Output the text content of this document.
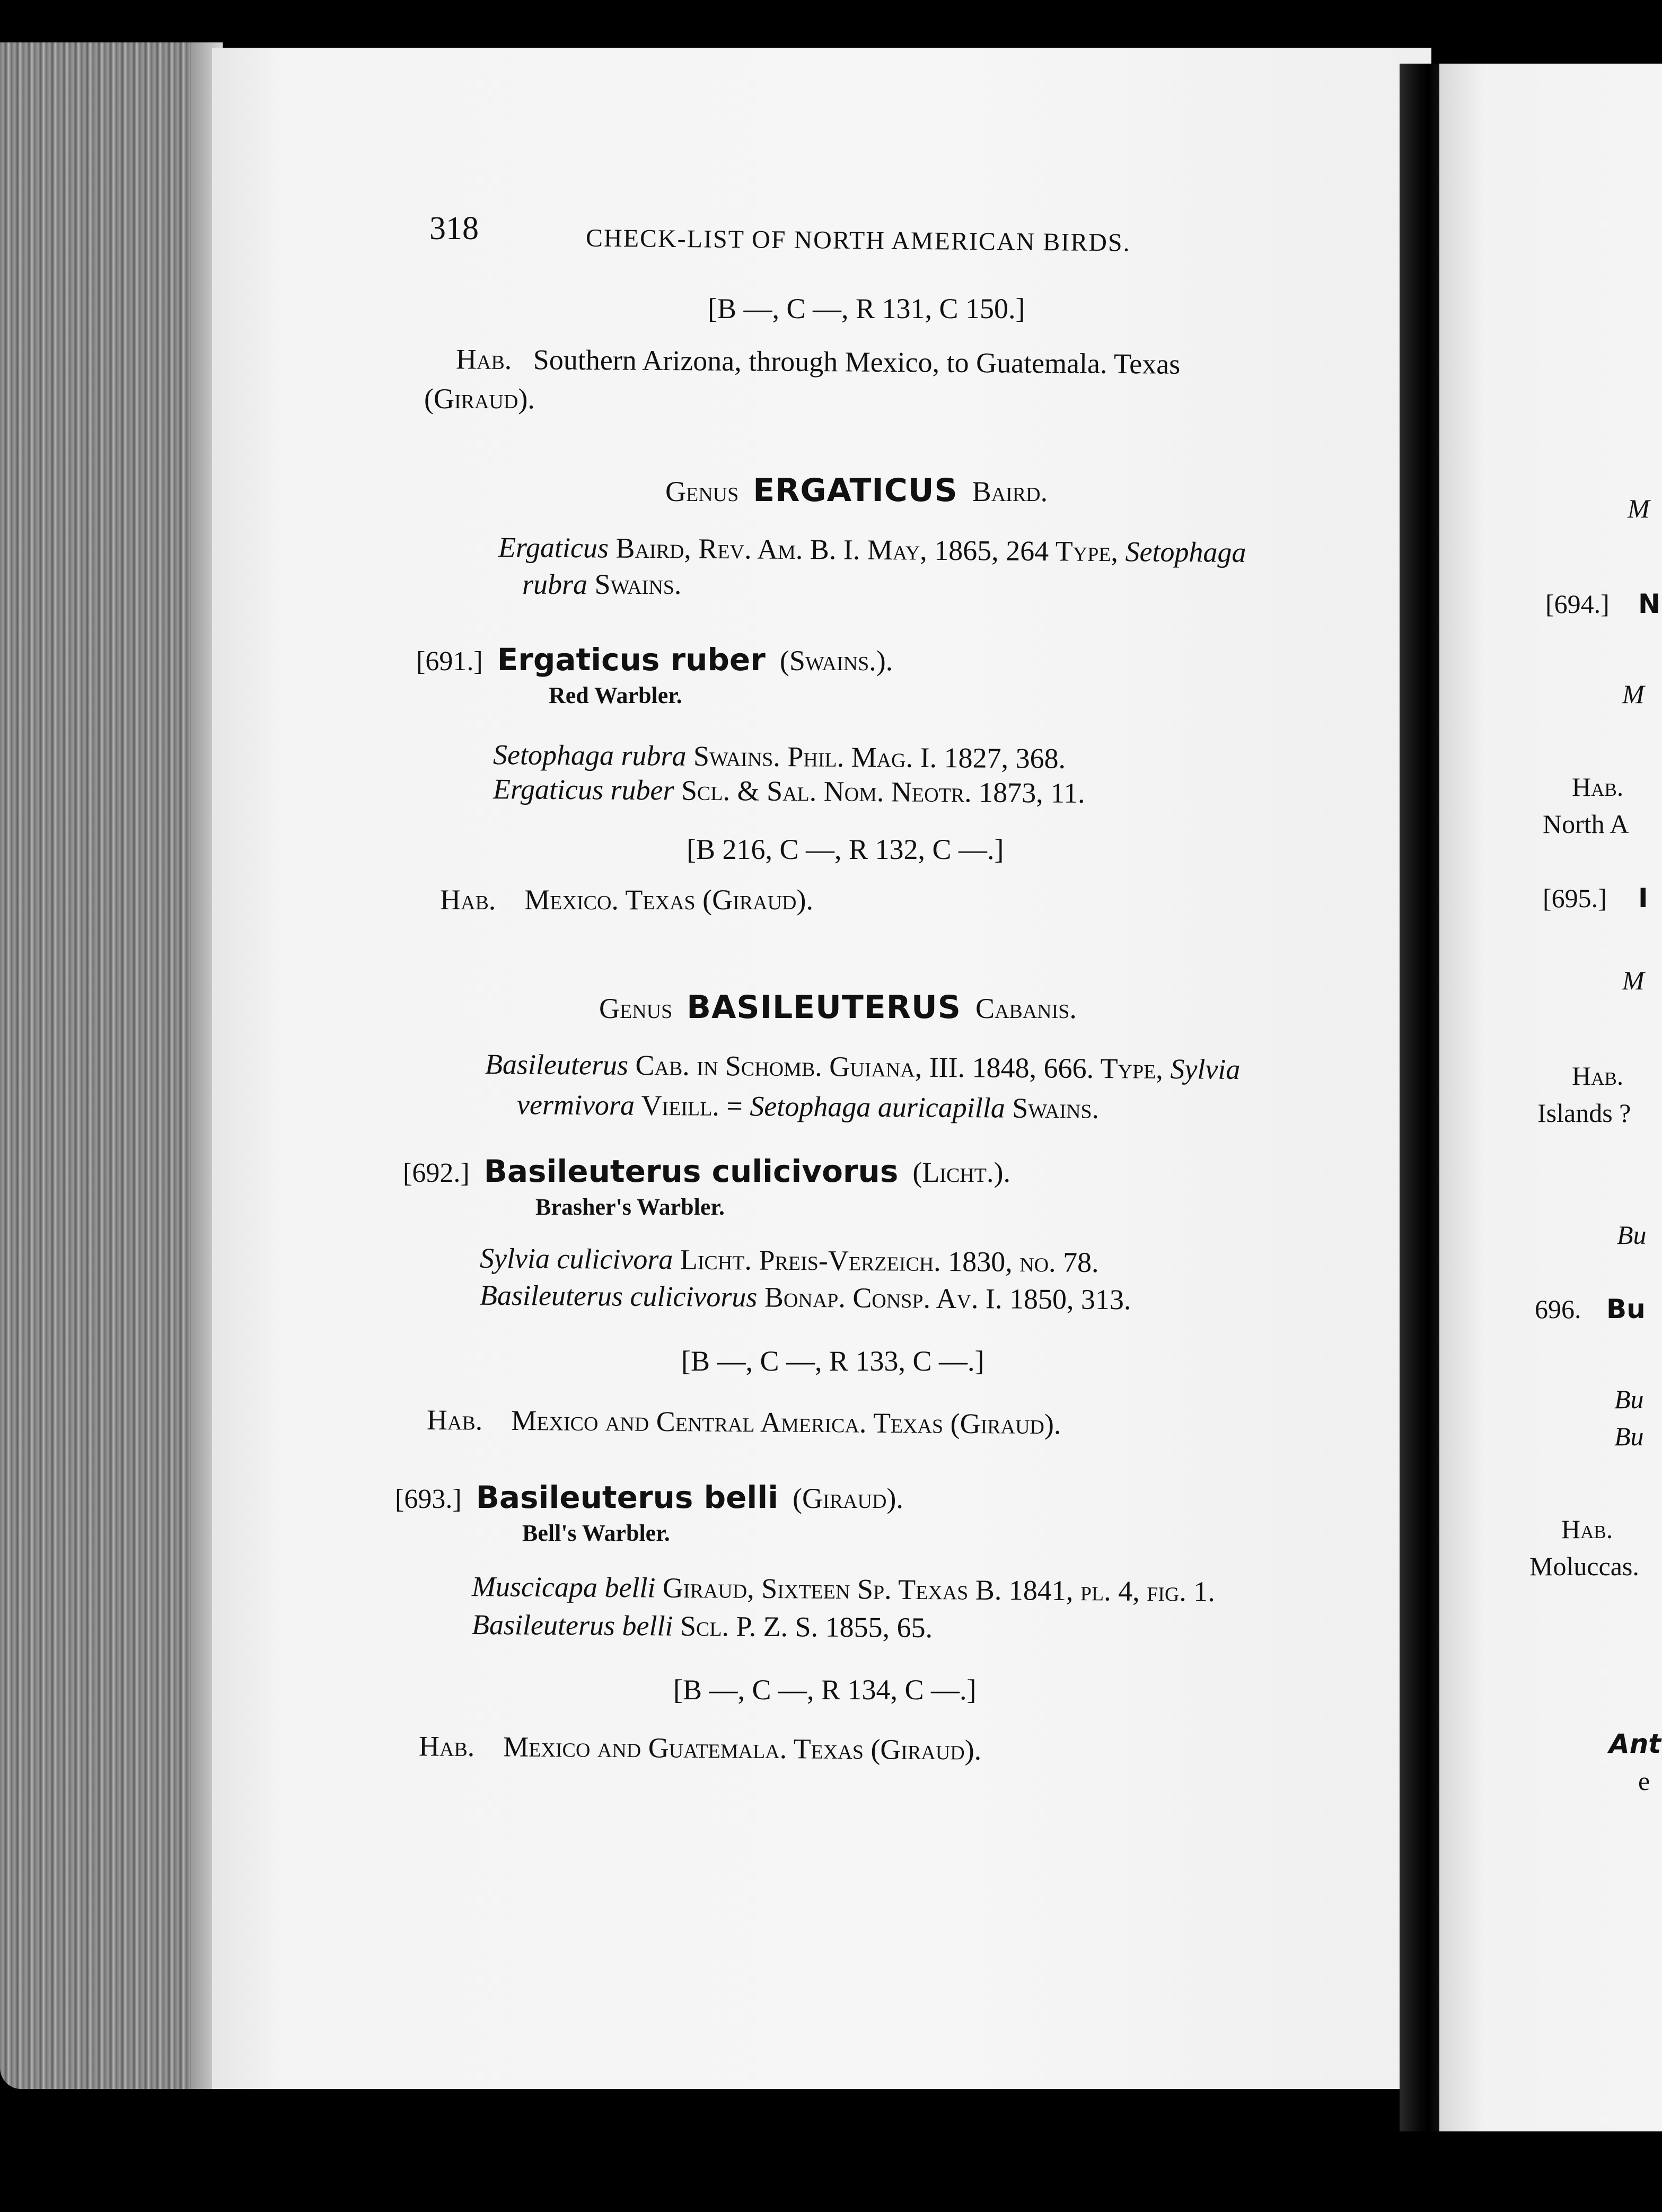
M
[694.] N
M
Hab.
North A
[695.] I
M
Hab.
Islands ?
Bu
696. Bu
Bu
Bu
Hab.
Moluccas.
Ant
e
318	CHECK-LIST OF NORTH AMERICAN BIRDS.
[B —, C —, R 131, C 150.]
Hab. Southern Arizona, through Mexico, to Guatemala. Texas
(Giraud).
Genus ERGATICUS Baird.
Ergaticus Baird, Rev. Am. B. I. May, 1865, 264 Type, Setophaga
rubra Swains.
[691.] Ergaticus ruber (Swains.).
Red Warbler.
Setophaga rubra Swains. Phil. Mag. I. 1827, 368.
Ergaticus ruber Scl. & Sal. Nom. Neotr. 1873, 11.
[B 216, C —, R 132, C —.]
Hab. Mexico. Texas (Giraud).
Genus BASILEUTERUS Cabanis.
Basileuterus Cab. in Schomb. Guiana, III. 1848, 666. Type, Sylvia
vermivora Vieill. = Setophaga auricapilla Swains.
[692.] Basileuterus culicivorus (Licht.).
Brasher's Warbler.
Sylvia culicivora Licht. Preis-Verzeich. 1830, no. 78.
Basileuterus culicivorus Bonap. Consp. Av. I. 1850, 313.
[B —, C —, R 133, C —.]
Hab. Mexico and Central America. Texas (Giraud).
[693.] Basileuterus belli (Giraud).
Bell's Warbler.
Muscicapa belli Giraud, Sixteen Sp. Texas B. 1841, pl. 4, fig. 1.
Basileuterus belli Scl. P. Z. S. 1855, 65.
[B —, C —, R 134, C —.]
Hab. Mexico and Guatemala. Texas (Giraud).
